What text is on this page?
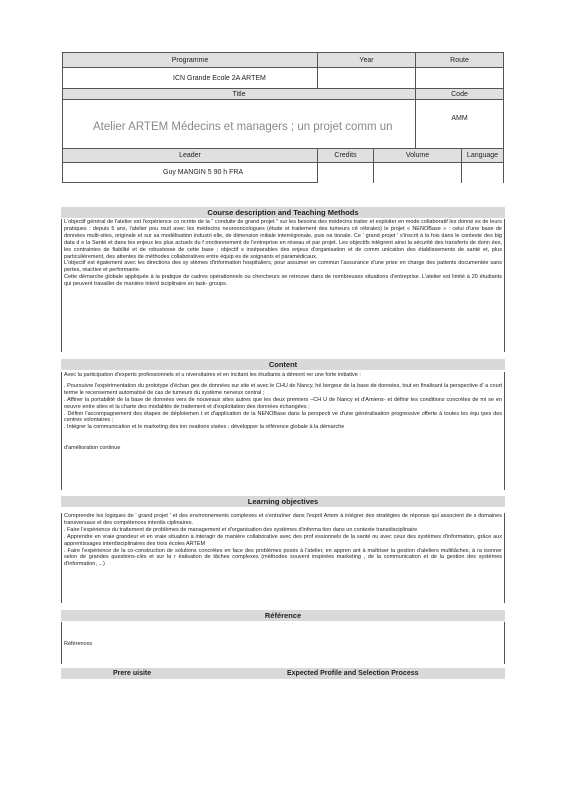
Programme	Year		Route	
ICN Grande Ecole 2A ARTEM				
Title			Code	
Atelier ARTEM Médecins et managers ; un projet comm un			AMM	
Leader	Credits	Volume		Language
Guy MANGIN 5 90 h FRA				
Course description and Teaching Methods

L'objectif général de l'atelier est l'expérience co ncrète de la " conduite de grand projet " sur les besoins des médecins traiter et exploiter en mode collaboratif les donné es de leurs pratiques : depuis 5 ans, l'atelier pou rsuit avec les médecins neurooncologues (étude et traitement des tumeurs cé rébrales) le projet « NENOBase » : celui d'une base de données multi-sites, originale et sur sa modélisation industri elle, de dimension initiale interrégionale, puis na tionale. Ce ' grand projet ' s'inscrit à la fois dans le contexte des big data d e la Santé et dans les enjeux les plus actuels du f onctionnement de l'entreprise en réseau et par projet. Les objectifs intègrent ainsi la sécurité des transferts de donn ées, les contraintes de fiabilité et de robustesse de cette base ; objectif s inséparables des enjeux d'organisation et de comm unication des établissements de santé et, plus particulièrement, des attentes de méthodes collaboratives entre équip es de soignants et paramédicaux.

L'objectif est également avec les directions des sy stèmes d'information hospitaliers, pour assumer en commun l'assurance d'une prise en charge des patients documentée sans pertes, réactive et performante.

Cette démarche globale appliquée à la pratique de cadres opérationnels ou chercheurs se retrouve dans de nombreuses situations d'entreprise. L'atelier est limité à 20 étudiants qui peuvent travailler de manière interd isciplinaire en task- groups.

Content

Avec la participation d'experts professionnels et u niversitaires et en incitant les étudiants à démont rer une forte initiative :

. Poursuivre l'expérimentation du prototype d'échan ges de données sur site et avec le CHU de Nancy, hé bergeur de la base de données, tout en finalisant la perspective d' a court terme le recensement automatisé de cas de tumeurs du système nerveux central ;

. Affiner la portabilité de la base de données vers de nouveaux sites autres que les deux premiers –CH U de Nancy et d'Amiens- et définir les conditions concrètes de mi se en oeuvre entre sites et la charte des modalités de traitement et d'exploitation des données échangées ;

. Définir l'accompagnement des étapes de déploiemen t et d'application de la NENOBase dans la perspecti ve d'une généralisation progressive offerte à toutes les équ ipes des centres volontaires ;

. Intégrer la communication et le marketing des inn ovations visées ; développer la référence globale à la démarche

d'amélioration continue

Learning objectives

Comprendre les logiques de ' grand projet ' et des environnements complexes et s'entraîner dans l'esprit Artem à intégrer des stratégies de réponse qui associent de s domaines transversaux et des compétences interdis ciplinaires.

. Faire l'expérience du traitement de problèmes de management et d'organisation des systèmes d'informa tion dans un contexte transdisciplinaire

. Apprendre en vraie grandeur et en vraie situation à interagir de manière collaborative avec des prof essionnels de la santé ou avec ceux des systèmes d'information, grâce aux apprentissages interdisciplinaires des trois écoles ARTEM

. Faire l'expérience de la co-construction de solutions concrètes en face des problèmes posés à l'atelier, en appren ant à maîtriser la gestion d'ateliers multitâches, à ra isonner selon de grandes questions-clés et sur la r éalisation de tâches complexes (méthodes souvent inspirées marketing , de la communication et de la gestion des systèmes d'information, ...)

Référence

Références

Prere uisite	Expected Profile and Selection Process
